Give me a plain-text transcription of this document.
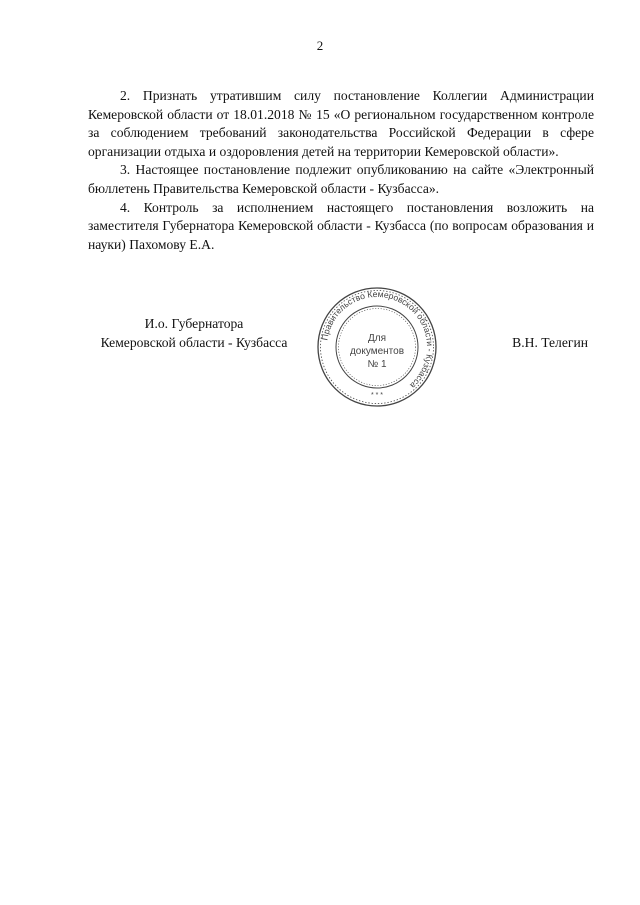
2

2. Признать утратившим силу постановление Коллегии Администрации Кемеровской области от 18.01.2018 № 15 «О региональном государственном контроле за соблюдением требований законодательства Российской Федерации в сфере организации отдыха и оздоровления детей на территории Кемеровской области».

3. Настоящее постановление подлежит опубликованию на сайте «Электронный бюллетень Правительства Кемеровской области - Кузбасса».

4. Контроль за исполнением настоящего постановления возложить на заместителя Губернатора Кемеровской области - Кузбасса (по вопросам образования и науки) Пахомову Е.А.

И.о. Губернатора
Кемеровской области - Кузбасса	Правительство Кемеровской области - Кузбасса
Для
документов
№ 1
* * *
В.Н. Телегин
